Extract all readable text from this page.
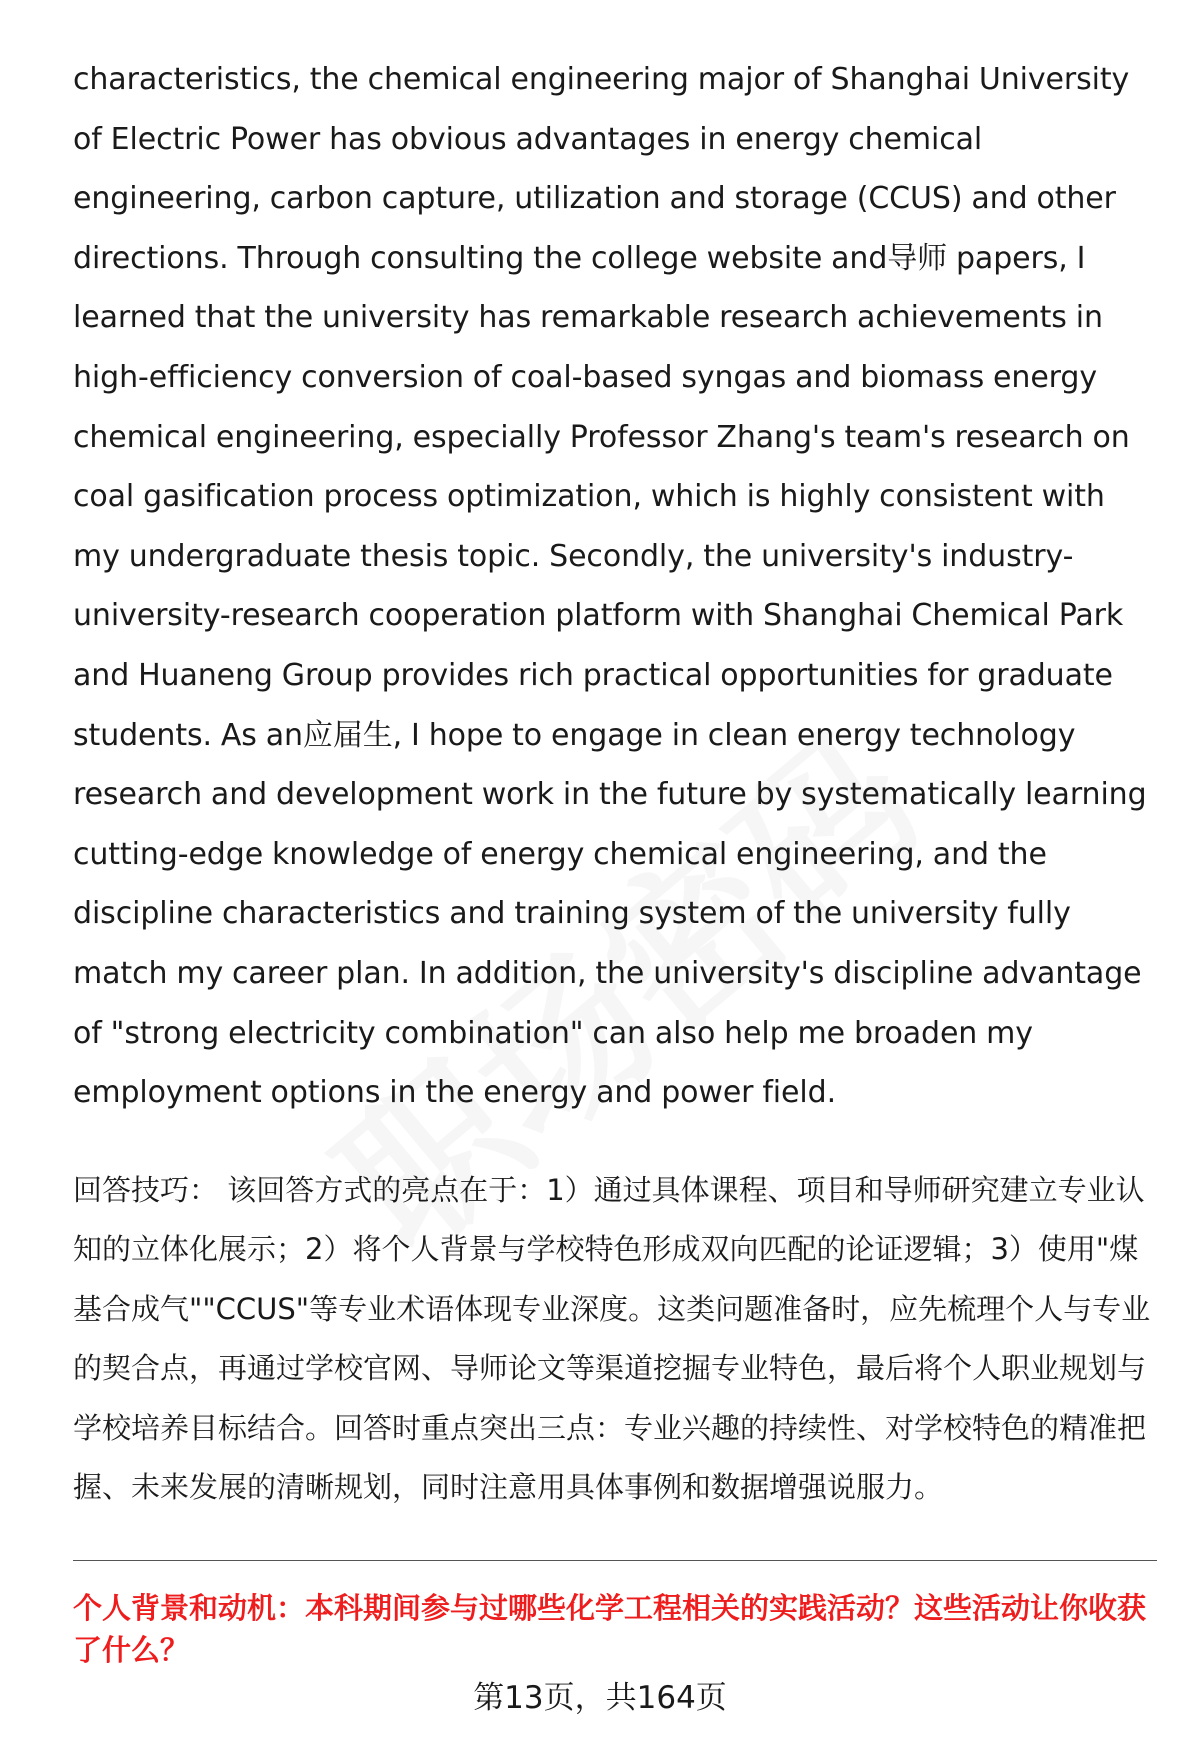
characteristics, the chemical engineering major of Shanghai University of Electric Power has obvious advantages in energy chemical engineering, carbon capture, utilization and storage (CCUS) and other directions. Through consulting the college website and导师 papers, I learned that the university has remarkable research achievements in high-efficiency conversion of coal-based syngas and biomass energy chemical engineering, especially Professor Zhang's team's research on coal gasification process optimization, which is highly consistent with my undergraduate thesis topic. Secondly, the university's industry-university-research cooperation platform with Shanghai Chemical Park and Huaneng Group provides rich practical opportunities for graduate students. As an应届生, I hope to engage in clean energy technology research and development work in the future by systematically learning cutting-edge knowledge of energy chemical engineering, and the discipline characteristics and training system of the university fully match my career plan. In addition, the university's discipline advantage of "strong electricity combination" can also help me broaden my employment options in the energy and power field.

回答技巧： 该回答方式的亮点在于：1）通过具体课程、项目和导师研究建立专业认知的立体化展示；2）将个人背景与学校特色形成双向匹配的论证逻辑；3）使用"煤基合成气""CCUS"等专业术语体现专业深度。这类问题准备时，应先梳理个人与专业的契合点，再通过学校官网、导师论文等渠道挖掘专业特色，最后将个人职业规划与学校培养目标结合。回答时重点突出三点：专业兴趣的持续性、对学校特色的精准把握、未来发展的清晰规划，同时注意用具体事例和数据增强说服力。
个人背景和动机：本科期间参与过哪些化学工程相关的实践活动？这些活动让你收获了什么？
第13页，共164页
